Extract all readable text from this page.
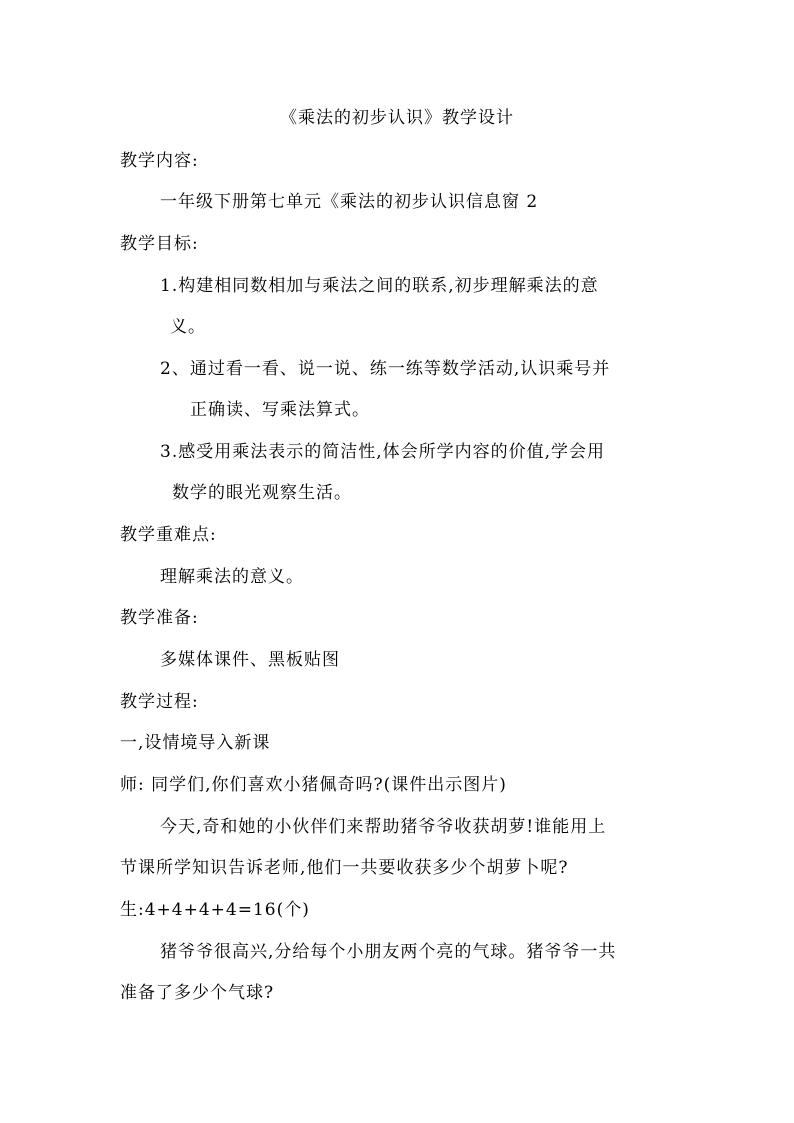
《乘法的初步认识》教学设计
教学内容:
一年级下册第七单元《乘法的初步认识信息窗 2
教学目标:
1.构建相同数相加与乘法之间的联系,初步理解乘法的意
义。
2、通过看一看、说一说、练一练等数学活动,认识乘号并
正确读、写乘法算式。
3.感受用乘法表示的简洁性,体会所学内容的价值,学会用
数学的眼光观察生活。
教学重难点:
理解乘法的意义。
教学准备:
多媒体课件、黑板贴图
教学过程:
一,设情境导入新课
师: 同学们,你们喜欢小猪佩奇吗?(课件出示图片)
今天,奇和她的小伙伴们来帮助猪爷爷收获胡萝!谁能用上
节课所学知识告诉老师,他们一共要收获多少个胡萝卜呢?
生:4+4+4+4=16(个)
猪爷爷很高兴,分给每个小朋友两个亮的气球。猪爷爷一共
准备了多少个气球?
